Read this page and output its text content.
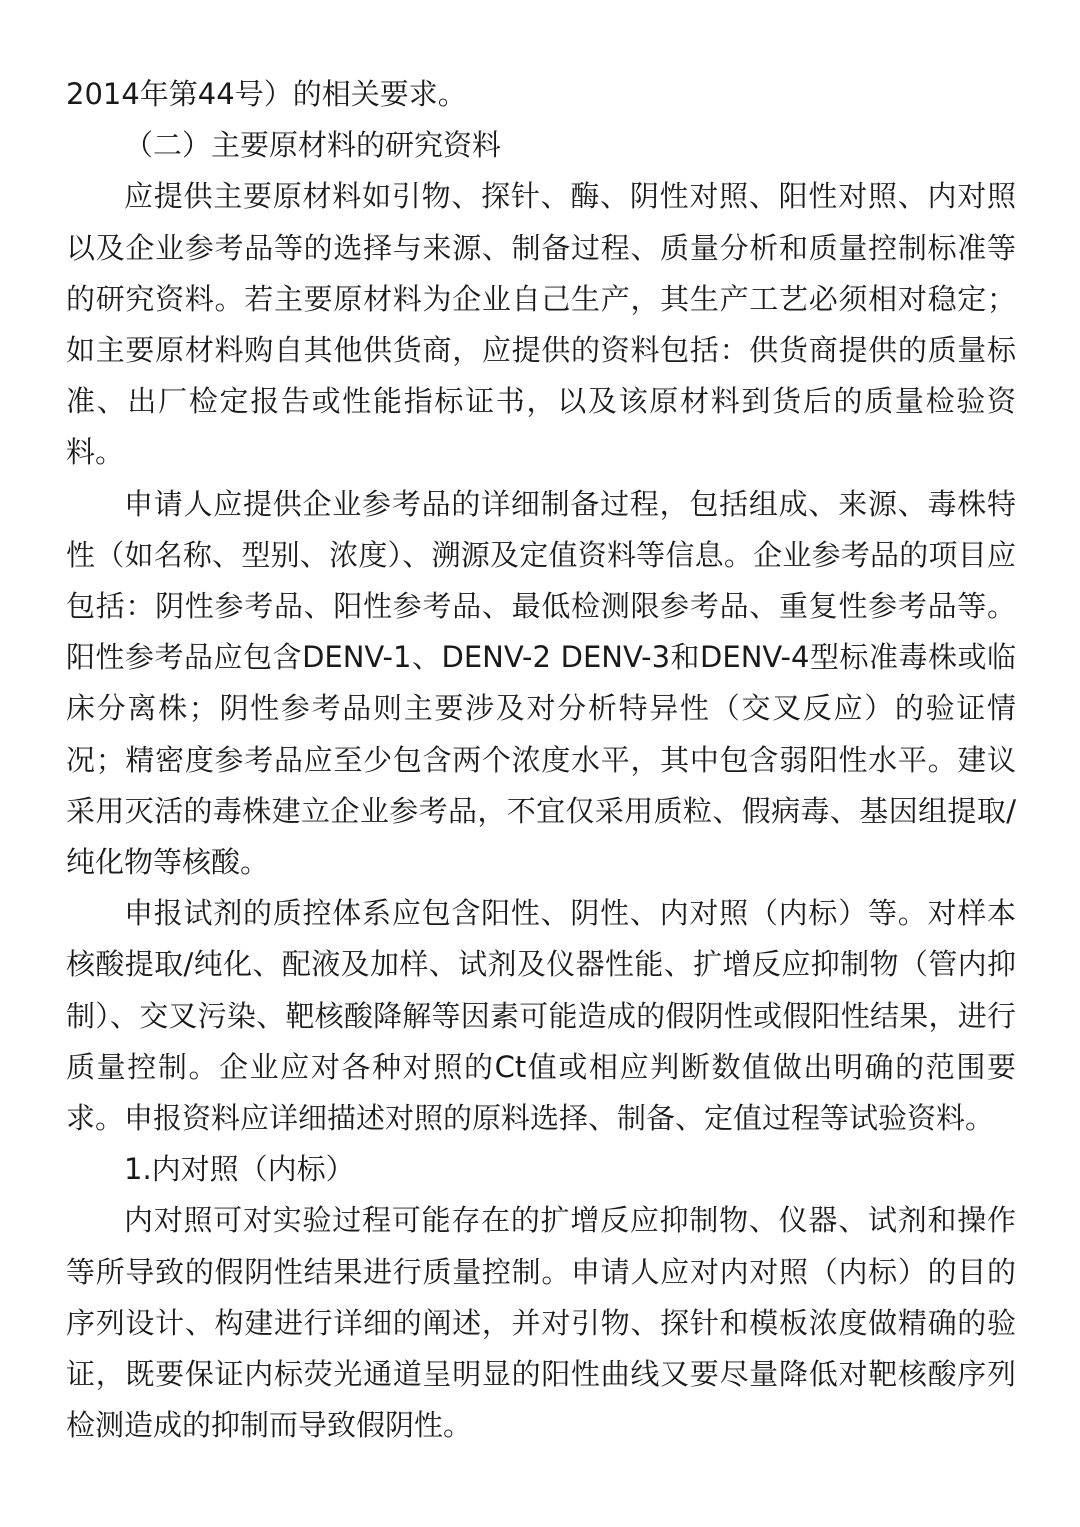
2014年第44号）的相关要求。

（二）主要原材料的研究资料

应提供主要原材料如引物、探针、酶、阴性对照、阳性对照、内对照以及企业参考品等的选择与来源、制备过程、质量分析和质量控制标准等的研究资料。若主要原材料为企业自己生产，其生产工艺必须相对稳定；如主要原材料购自其他供货商，应提供的资料包括：供货商提供的质量标准、出厂检定报告或性能指标证书，以及该原材料到货后的质量检验资料。

申请人应提供企业参考品的详细制备过程，包括组成、来源、毒株特性（如名称、型别、浓度）、溯源及定值资料等信息。企业参考品的项目应包括：阴性参考品、阳性参考品、最低检测限参考品、重复性参考品等。阳性参考品应包含DENV-1、DENV-2 DENV-3和DENV-4型标准毒株或临床分离株；阴性参考品则主要涉及对分析特异性（交叉反应）的验证情况；精密度参考品应至少包含两个浓度水平，其中包含弱阳性水平。建议采用灭活的毒株建立企业参考品，不宜仅采用质粒、假病毒、基因组提取/纯化物等核酸。

申报试剂的质控体系应包含阳性、阴性、内对照（内标）等。对样本核酸提取/纯化、配液及加样、试剂及仪器性能、扩增反应抑制物（管内抑制）、交叉污染、靶核酸降解等因素可能造成的假阴性或假阳性结果，进行质量控制。企业应对各种对照的Ct值或相应判断数值做出明确的范围要求。申报资料应详细描述对照的原料选择、制备、定值过程等试验资料。

1.内对照（内标）

内对照可对实验过程可能存在的扩增反应抑制物、仪器、试剂和操作等所导致的假阴性结果进行质量控制。申请人应对内对照（内标）的目的序列设计、构建进行详细的阐述，并对引物、探针和模板浓度做精确的验证，既要保证内标荧光通道呈明显的阳性曲线又要尽量降低对靶核酸序列检测造成的抑制而导致假阴性。
